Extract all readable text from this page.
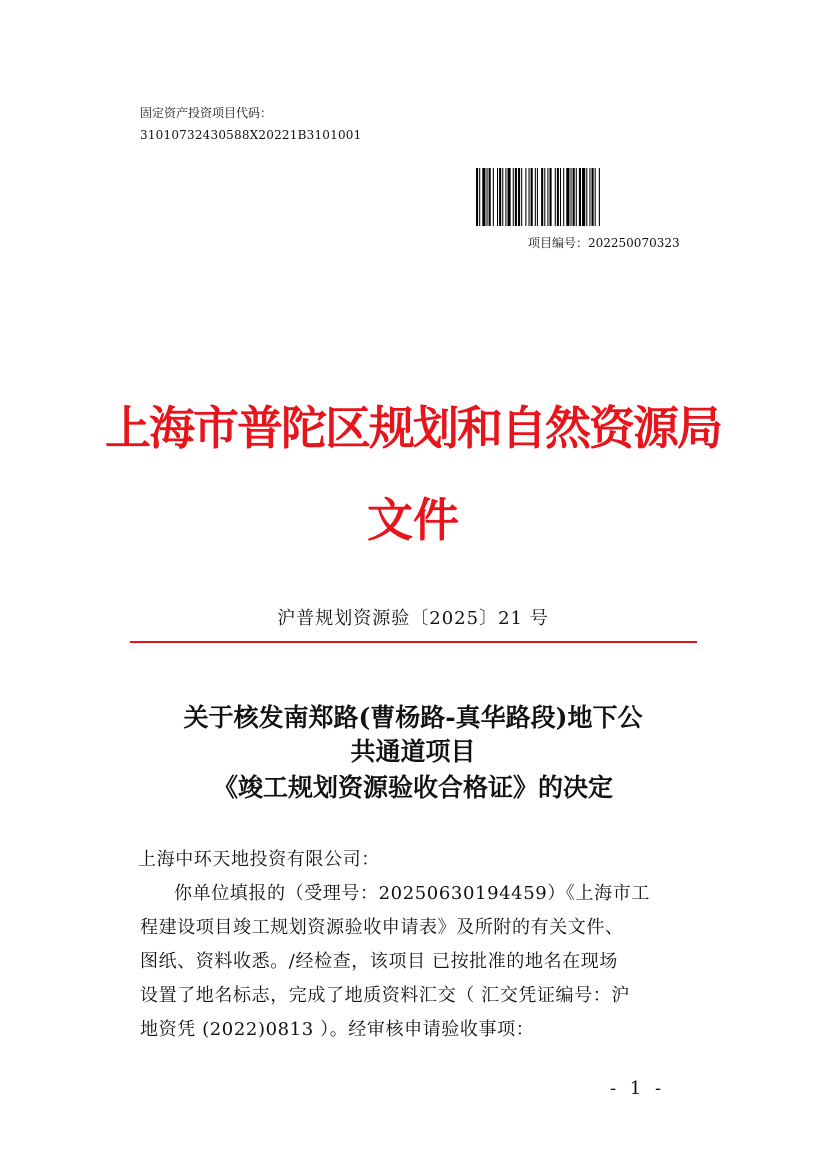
固定资产投资项目代码：
31010732430588X20221B3101001
项目编号：202250070323
上海市普陀区规划和自然资源局
文件
沪普规划资源验〔2025〕21 号
关于核发南郑路(曹杨路-真华路段)地下公
共通道项目
《竣工规划资源验收合格证》的决定
上海中环天地投资有限公司：
你单位填报的（受理号：20250630194459）《上海市工
程建设项目竣工规划资源验收申请表》及所附的有关文件、
图纸、资料收悉。/经检查，该项目 已按批准的地名在现场
设置了地名标志，完成了地质资料汇交（ 汇交凭证编号：沪
地资凭 (2022)0813 ）。经审核申请验收事项：
- 1 -
